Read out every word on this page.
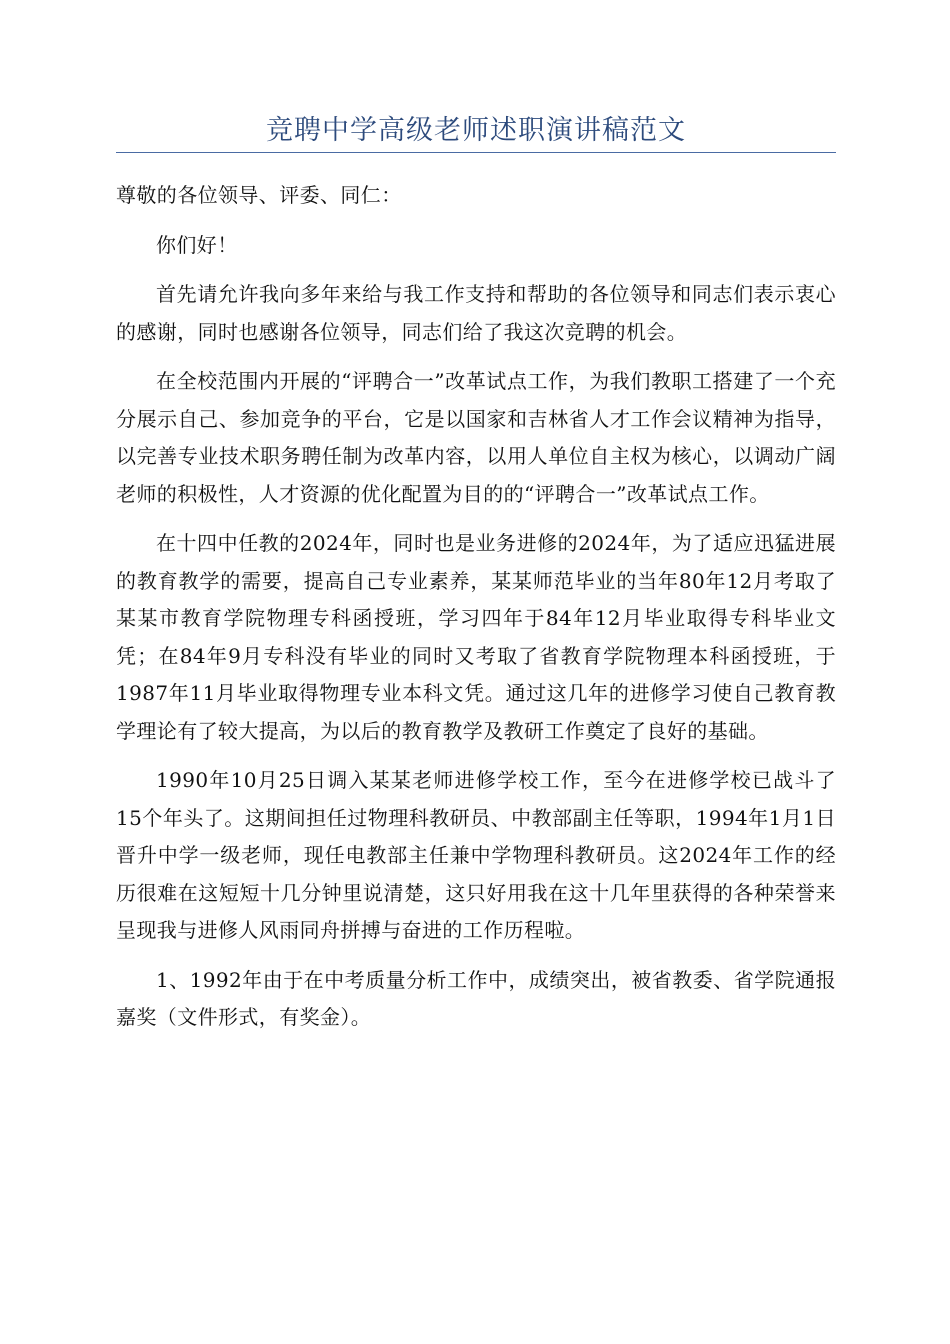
竞聘中学高级老师述职演讲稿范文

尊敬的各位领导、评委、同仁：

你们好！

首先请允许我向多年来给与我工作支持和帮助的各位领导和同志们表示衷心的感谢，同时也感谢各位领导，同志们给了我这次竞聘的机会。

在全校范围内开展的“评聘合一”改革试点工作，为我们教职工搭建了一个充分展示自己、参加竞争的平台，它是以国家和吉林省人才工作会议精神为指导，以完善专业技术职务聘任制为改革内容，以用人单位自主权为核心，以调动广阔老师的积极性，人才资源的优化配置为目的的“评聘合一”改革试点工作。

在十四中任教的2024年，同时也是业务进修的2024年，为了适应迅猛进展的教育教学的需要，提高自己专业素养，某某师范毕业的当年80年12月考取了某某市教育学院物理专科函授班，学习四年于84年12月毕业取得专科毕业文凭；在84年9月专科没有毕业的同时又考取了省教育学院物理本科函授班，于1987年11月毕业取得物理专业本科文凭。通过这几年的进修学习使自己教育教学理论有了较大提高，为以后的教育教学及教研工作奠定了良好的基础。

1990年10月25日调入某某老师进修学校工作，至今在进修学校已战斗了15个年头了。这期间担任过物理科教研员、中教部副主任等职，1994年1月1日晋升中学一级老师，现任电教部主任兼中学物理科教研员。这2024年工作的经历很难在这短短十几分钟里说清楚，这只好用我在这十几年里获得的各种荣誉来呈现我与进修人风雨同舟拼搏与奋进的工作历程啦。

1、1992年由于在中考质量分析工作中，成绩突出，被省教委、省学院通报嘉奖（文件形式，有奖金）。
